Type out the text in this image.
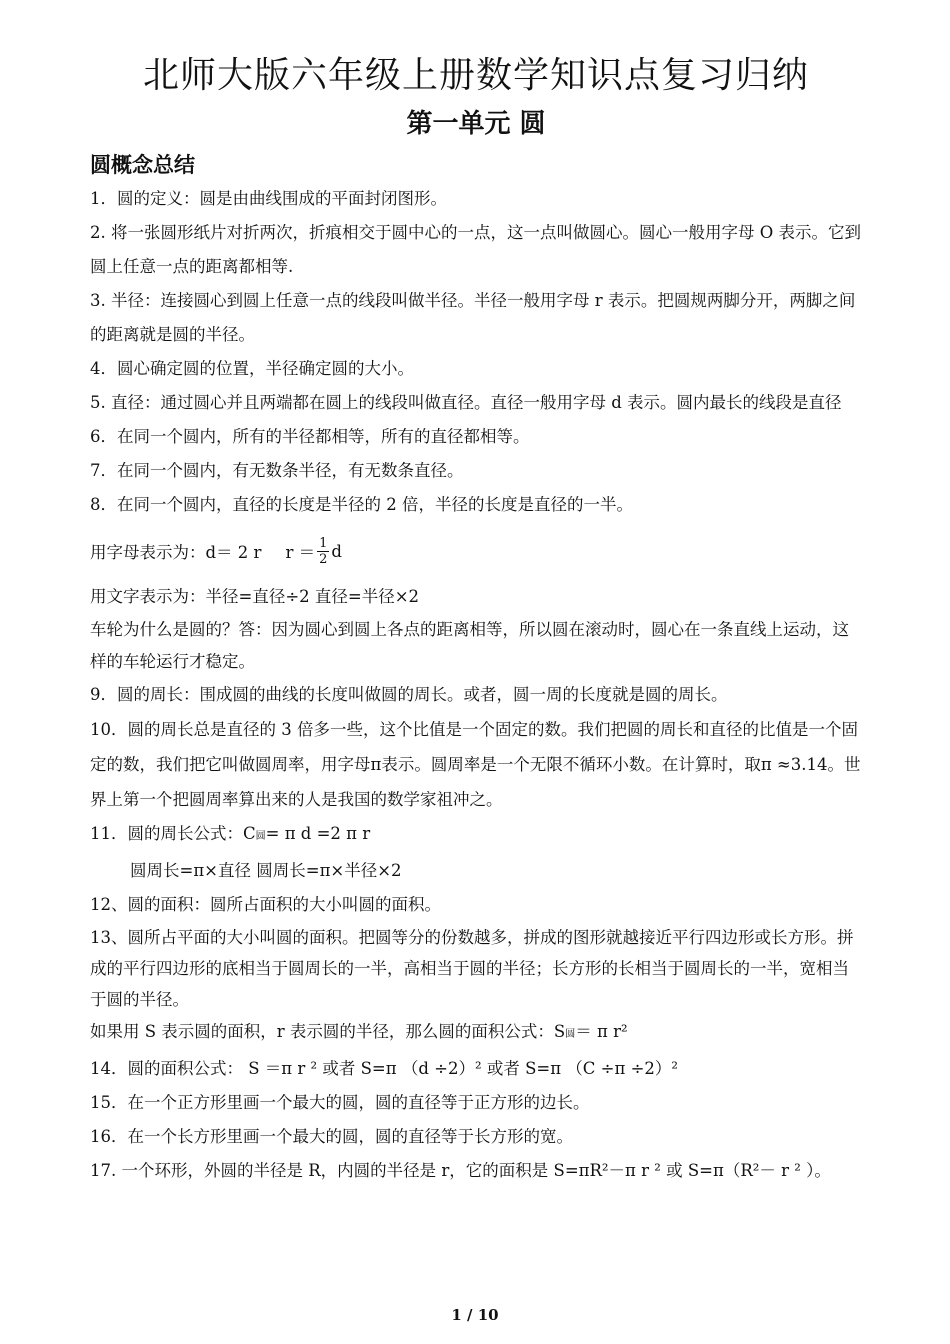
北师大版六年级上册数学知识点复习归纳
第一单元 圆
圆概念总结

1．圆的定义：圆是由曲线围成的平面封闭图形。

2. 将一张圆形纸片对折两次，折痕相交于圆中心的一点，这一点叫做圆心。圆心一般用字母 O 表示。它到圆上任意一点的距离都相等.

3. 半径：连接圆心到圆上任意一点的线段叫做半径。半径一般用字母 r 表示。把圆规两脚分开，两脚之间的距离就是圆的半径。

4．圆心确定圆的位置，半径确定圆的大小。

5. 直径：通过圆心并且两端都在圆上的线段叫做直径。直径一般用字母 d 表示。圆内最长的线段是直径

6．在同一个圆内，所有的半径都相等，所有的直径都相等。

7．在同一个圆内，有无数条半径，有无数条直径。

8．在同一个圆内，直径的长度是半径的 2 倍，半径的长度是直径的一半。

用字母表示为：d＝ 2 r $r = \frac{1}{2}$ d

用文字表示为：半径=直径÷2 直径=半径×2

车轮为什么是圆的？答：因为圆心到圆上各点的距离相等，所以圆在滚动时，圆心在一条直线上运动，这样的车轮运行才稳定。

9．圆的周长：围成圆的曲线的长度叫做圆的周长。或者，圆一周的长度就是圆的周长。

10．圆的周长总是直径的 3 倍多一些，这个比值是一个固定的数。我们把圆的周长和直径的比值是一个固定的数，我们把它叫做圆周率，用字母π表示。圆周率是一个无限不循环小数。在计算时，取π ≈3.14。世界上第一个把圆周率算出来的人是我国的数学家祖冲之。

11．圆的周长公式：C圆= π d =2 π r

圆周长=π×直径 圆周长=π×半径×2

12、圆的面积：圆所占面积的大小叫圆的面积。

13、圆所占平面的大小叫圆的面积。把圆等分的份数越多，拼成的图形就越接近平行四边形或长方形。拼成的平行四边形的底相当于圆周长的一半，高相当于圆的半径；长方形的长相当于圆周长的一半，宽相当于圆的半径。

如果用 S 表示圆的面积，r 表示圆的半径，那么圆的面积公式：S圆＝ π r²

14．圆的面积公式： S ＝π r ² 或者 S=π （d ÷2）² 或者 S=π （C ÷π ÷2）²

15．在一个正方形里画一个最大的圆，圆的直径等于正方形的边长。

16．在一个长方形里画一个最大的圆，圆的直径等于长方形的宽。

17. 一个环形，外圆的半径是 R，内圆的半径是 r，它的面积是 S=πR²－π r ² 或 S=π（R²－ r ² ）。

1 / 10
